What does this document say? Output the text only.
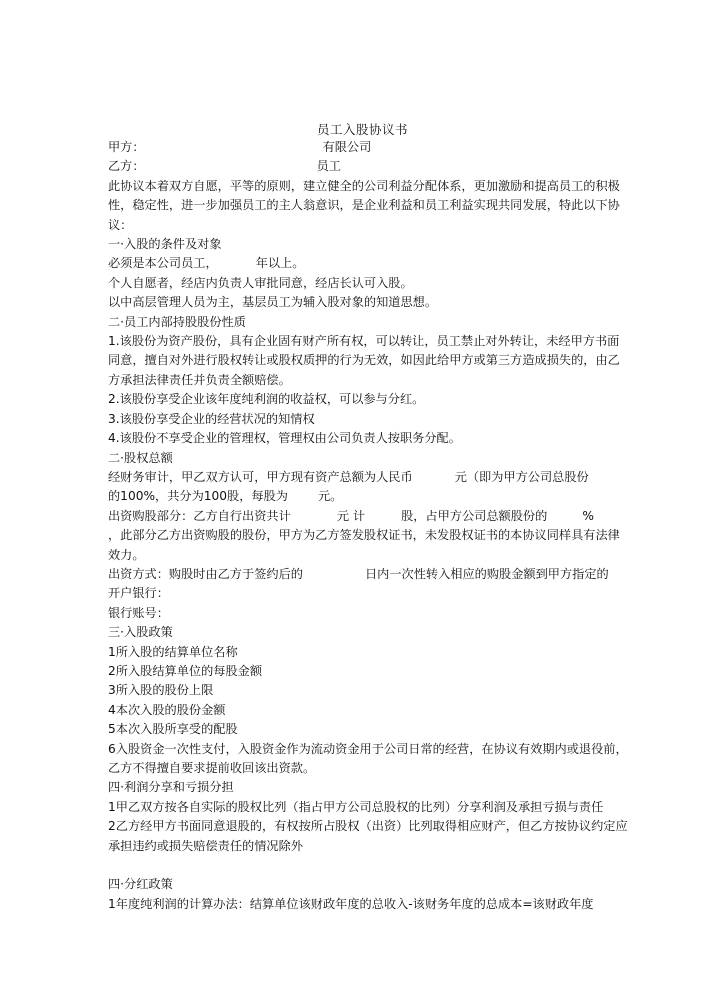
员工入股协议书

甲方：	有限公司

乙方：	员工

此协议本着双方自愿，平等的原则，建立健全的公司利益分配体系，更加激励和提高员工的积极性，稳定性，进一步加强员工的主人翁意识，是企业利益和员工利益实现共同发展，特此以下协议：

一·入股的条件及对象

必须是本公司员工，	年以上。

个人自愿者，经店内负责人审批同意，经店长认可入股。

以中高层管理人员为主，基层员工为辅入股对象的知道思想。

二·员工内部持股股份性质

1.该股份为资产股份，具有企业固有财产所有权，可以转让，员工禁止对外转让，未经甲方书面同意，擅自对外进行股权转让或股权质押的行为无效，如因此给甲方或第三方造成损失的，由乙方承担法律责任并负责全额赔偿。

2.该股份享受企业该年度纯利润的收益权，可以参与分红。

3.该股份享受企业的经营状况的知情权

4.该股份不享受企业的管理权，管理权由公司负责人按职务分配。

二·股权总额

经财务审计，甲乙双方认可，甲方现有资产总额为人民币	元（即为甲方公司总股份

的100%，共分为100股，每股为 元。

出资购股部分：乙方自行出资共计	元 计	股，占甲方公司总额股份的	%

，此部分乙方出资购股的股份，甲方为乙方签发股权证书，未发股权证书的本协议同样具有法律效力。

出资方式：购股时由乙方于签约后的	日内一次性转入相应的购股金额到甲方指定的

开户银行：

银行账号：

三·入股政策

1所入股的结算单位名称

2所入股结算单位的每股金额

3所入股的股份上限

4本次入股的股份金额

5本次入股所享受的配股

6入股资金一次性支付，入股资金作为流动资金用于公司日常的经营，在协议有效期内或退役前，乙方不得擅自要求提前收回该出资款。

四·利润分享和亏损分担

1甲乙双方按各自实际的股权比列（指占甲方公司总股权的比列）分享利润及承担亏损与责任

2乙方经甲方书面同意退股的，有权按所占股权（出资）比列取得相应财产，但乙方按协议约定应承担违约或损失赔偿责任的情况除外

四·分红政策

1年度纯利润的计算办法：结算单位该财政年度的总收入-该财务年度的总成本=该财政年度
